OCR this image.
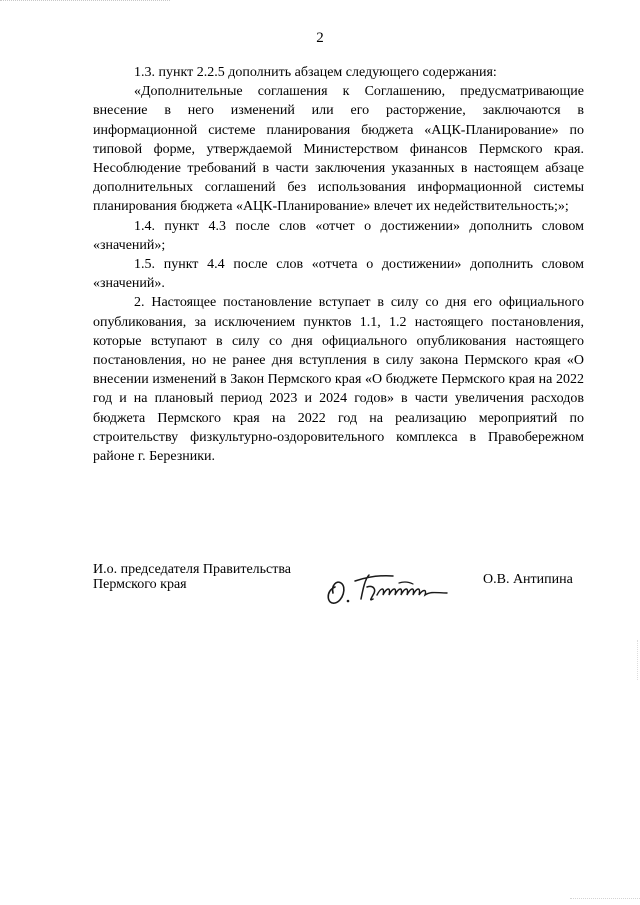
2

1.3. пункт 2.2.5 дополнить абзацем следующего содержания:

«Дополнительные соглашения к Соглашению, предусматривающие внесение в него изменений или его расторжение, заключаются в информационной системе планирования бюджета «АЦК-Планирование» по типовой форме, утверждаемой Министерством финансов Пермского края. Несоблюдение требований в части заключения указанных в настоящем абзаце дополнительных соглашений без использования информационной системы планирования бюджета «АЦК-Планирование» влечет их недействительность;»;

1.4. пункт 4.3 после слов «отчет о достижении» дополнить словом «значений»;

1.5. пункт 4.4 после слов «отчета о достижении» дополнить словом «значений».

2. Настоящее постановление вступает в силу со дня его официального опубликования, за исключением пунктов 1.1, 1.2 настоящего постановления, которые вступают в силу со дня официального опубликования настоящего постановления, но не ранее дня вступления в силу закона Пермского края «О внесении изменений в Закон Пермского края «О бюджете Пермского края на 2022 год и на плановый период 2023 и 2024 годов» в части увеличения расходов бюджета Пермского края на 2022 год на реализацию мероприятий по строительству физкультурно-оздоровительного комплекса в Правобережном районе г. Березники.

И.о. председателя Правительства
Пермского края	О.В. Антипина
